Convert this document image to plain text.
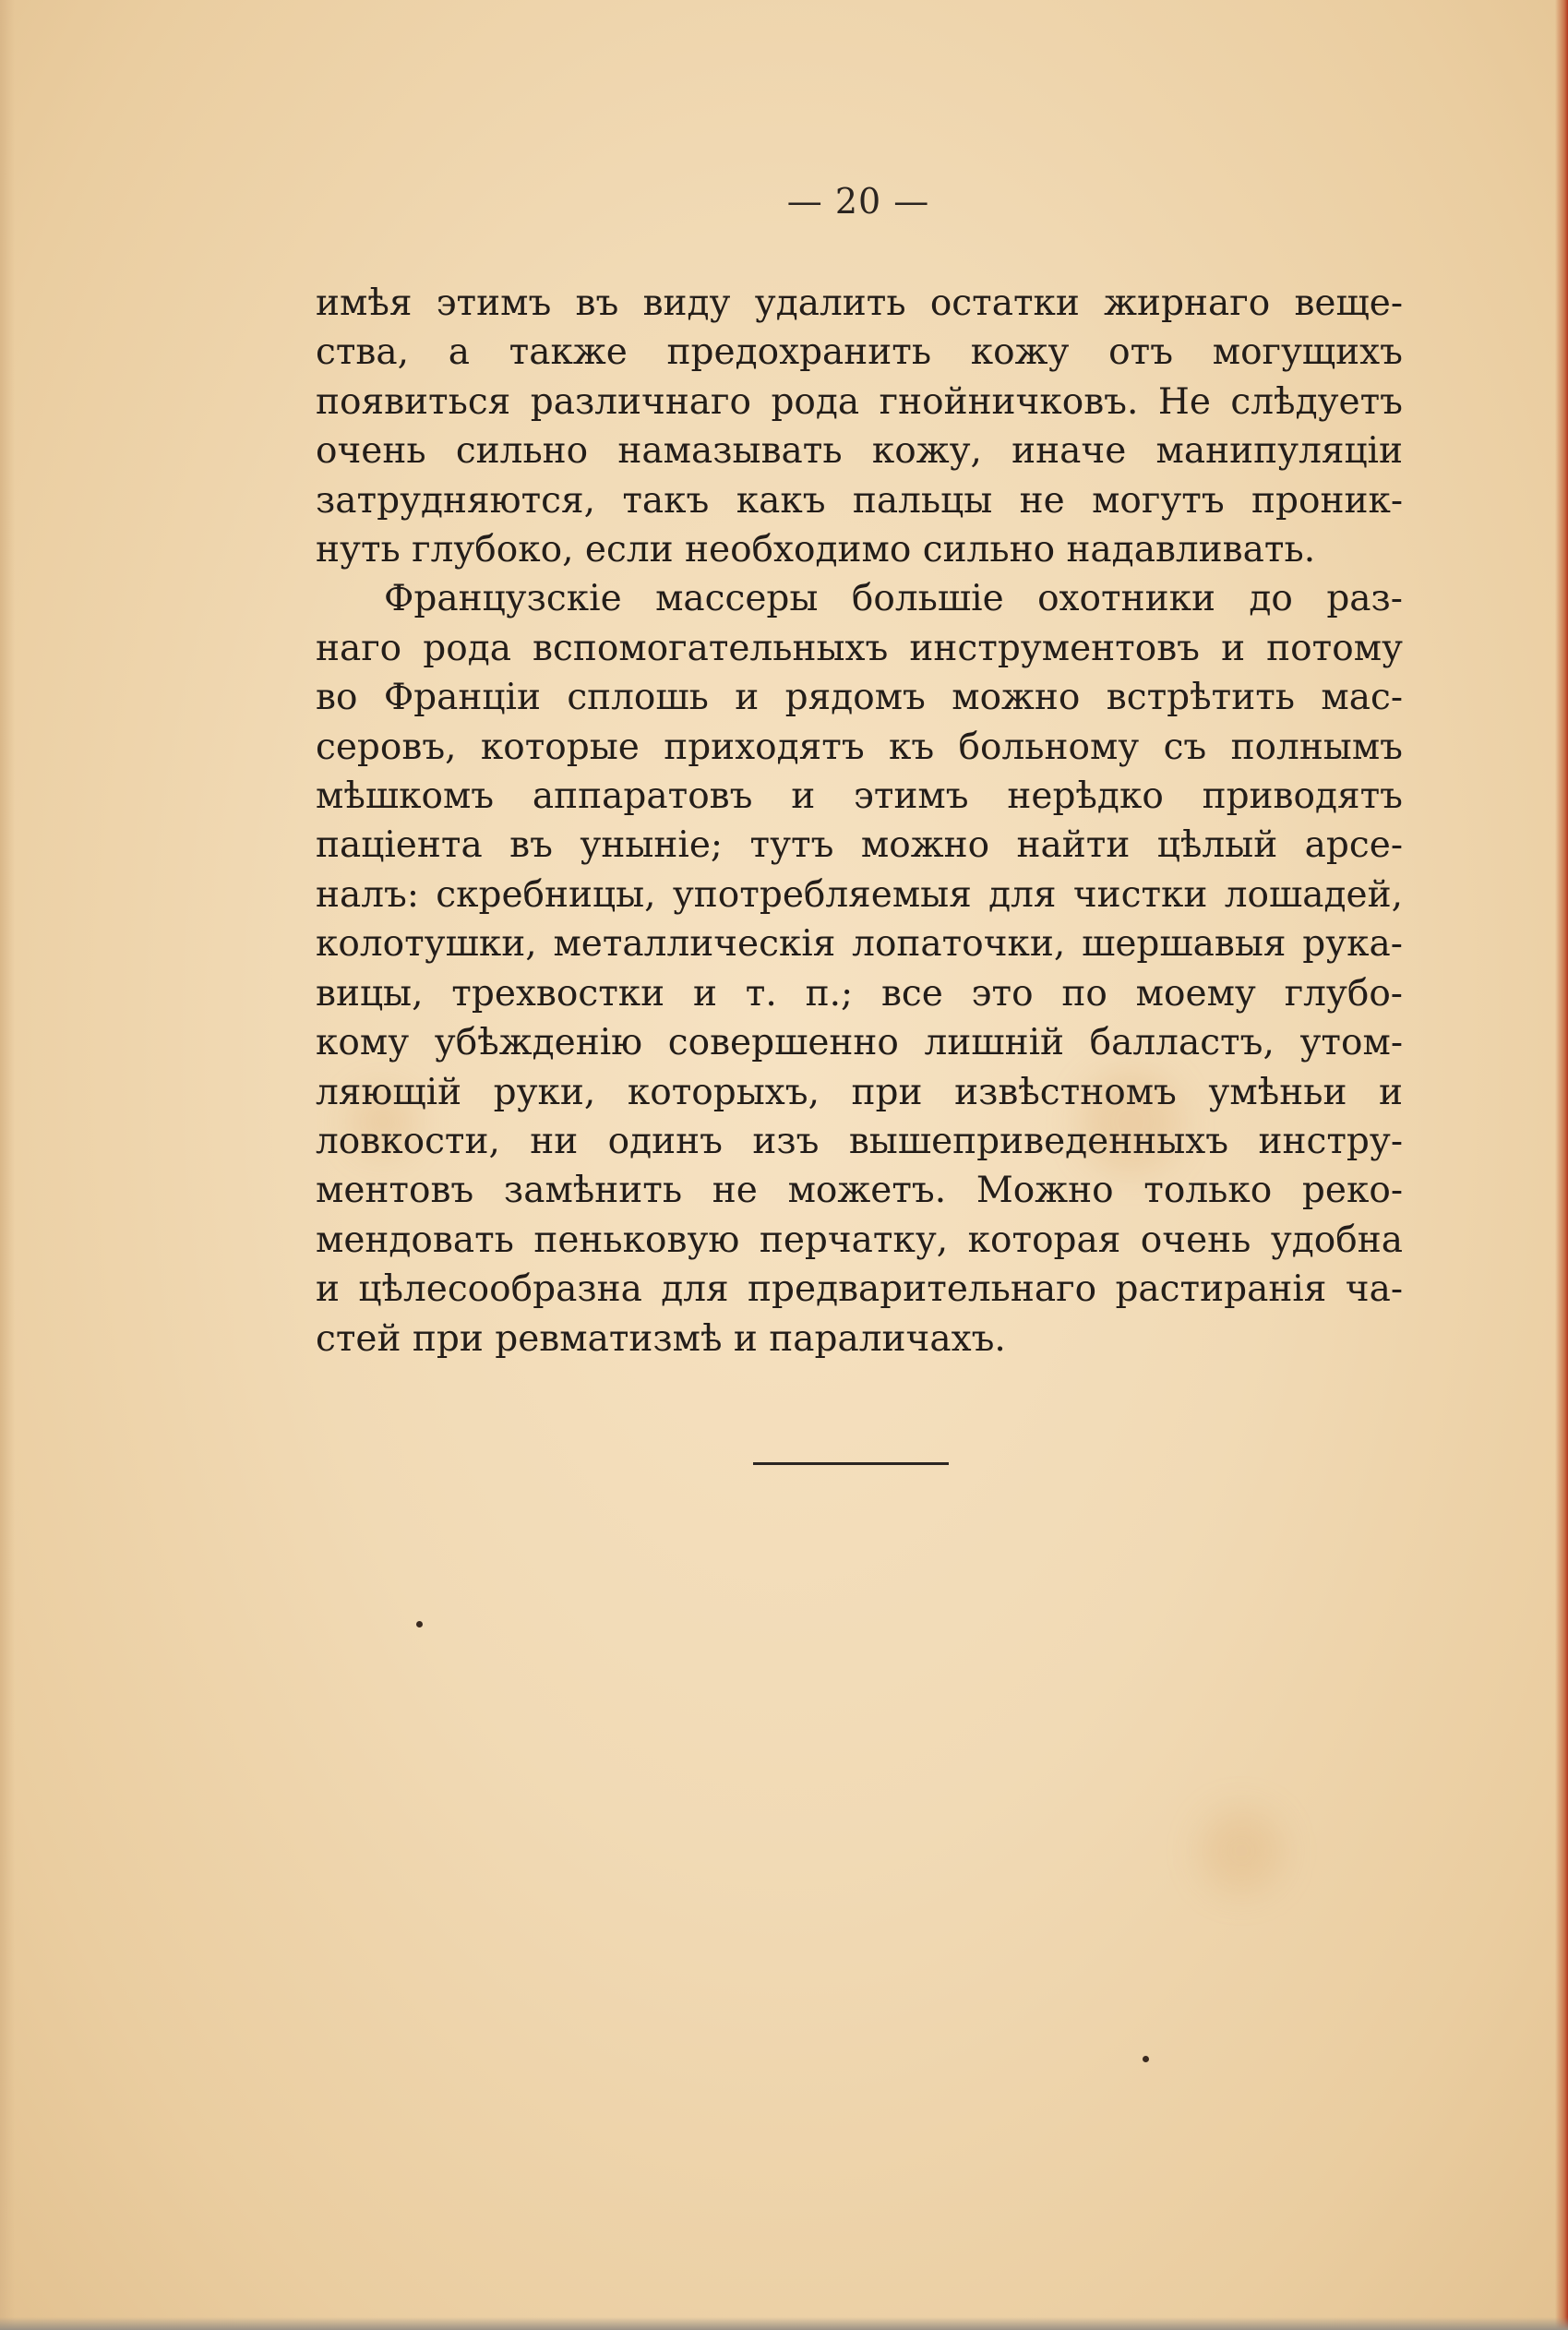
— 20 —

имѣя этимъ въ виду удалить остатки жирнаго веще-
ства, а также предохранить кожу отъ могущихъ
появиться различнаго рода гнойничковъ. Не слѣдуетъ
очень сильно намазывать кожу, иначе манипуляціи
затрудняются, такъ какъ пальцы не могутъ проник-
нуть глубоко, если необходимо сильно надавливать.

Французскіе массеры большіе охотники до раз-
наго рода вспомогательныхъ инструментовъ и потому
во Франціи сплошь и рядомъ можно встрѣтить мас-
серовъ, которые приходятъ къ больному съ полнымъ
мѣшкомъ аппаратовъ и этимъ нерѣдко приводятъ
паціента въ уныніе; тутъ можно найти цѣлый арсе-
налъ: скребницы, употребляемыя для чистки лошадей,
колотушки, металлическія лопаточки, шершавыя рука-
вицы, трехвостки и т. п.; все это по моему глубо-
кому убѣжденію совершенно лишній балластъ, утом-
ляющій руки, которыхъ, при извѣстномъ умѣньи и
ловкости, ни одинъ изъ вышеприведенныхъ инстру-
ментовъ замѣнить не можетъ. Можно только реко-
мендовать пеньковую перчатку, которая очень удобна
и цѣлесообразна для предварительнаго растиранія ча-
стей при ревматизмѣ и параличахъ.
